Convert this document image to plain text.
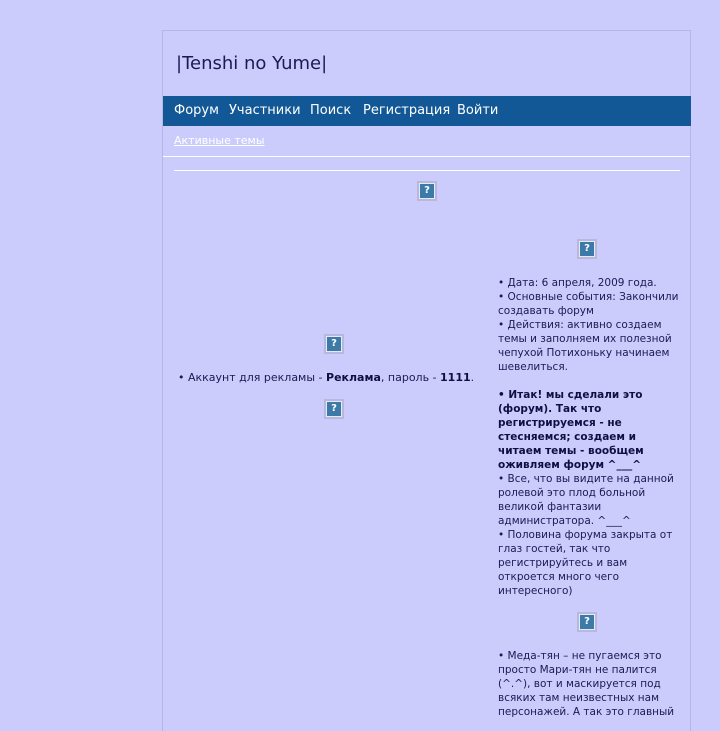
|Tenshi no Yume|
Форум Участники Поиск Регистрация Войти
Активные темы
?
?
?
?
?
• Аккаунт для рекламы - Реклама, пароль - 1111.

• Дата: 6 апреля, 2009 года.

• Основные события: Закончили создавать форум

• Действия: активно создаем темы и заполняем их полезной чепухой Потихоньку начинаем шевелиться.

• Итак! мы сделали это (форум). Так что регистрируемся - не стесняемся; создаем и читаем темы - вообщем оживляем форум ^___^

• Все, что вы видите на данной ролевой это плод больной великой фантазии администратора. ^___^

• Половина форума закрыта от глаз гостей, так что регистрируйтесь и вам откроется много чего интересного)

• Меда-тян – не пугаемся это просто Мари-тян не палится (^.^), вот и маскируется под всяких там неизвестных нам персонажей. А так это главный
